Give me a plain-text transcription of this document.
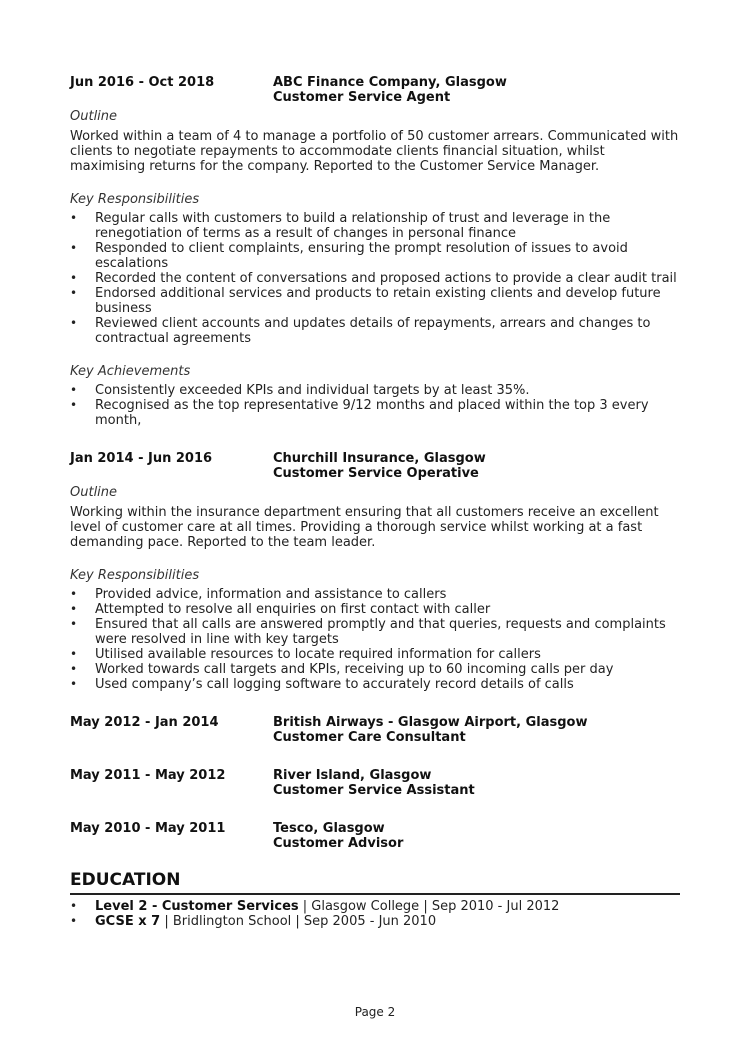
Jun 2016 - Oct 2018	ABC Finance Company, Glasgow
Customer Service Agent
Outline
Worked within a team of 4 to manage a portfolio of 50 customer arrears. Communicated with clients to negotiate repayments to accommodate clients financial situation, whilst maximising returns for the company. Reported to the Customer Service Manager.
Key Responsibilities
• Regular calls with customers to build a relationship of trust and leverage in the renegotiation of terms as a result of changes in personal finance
• Responded to client complaints, ensuring the prompt resolution of issues to avoid escalations
• Recorded the content of conversations and proposed actions to provide a clear audit trail
• Endorsed additional services and products to retain existing clients and develop future business
• Reviewed client accounts and updates details of repayments, arrears and changes to contractual agreements
Key Achievements
• Consistently exceeded KPIs and individual targets by at least 35%.
• Recognised as the top representative 9/12 months and placed within the top 3 every month,
Jan 2014 - Jun 2016	Churchill Insurance, Glasgow
Customer Service Operative
Outline
Working within the insurance department ensuring that all customers receive an excellent level of customer care at all times. Providing a thorough service whilst working at a fast demanding pace. Reported to the team leader.
Key Responsibilities
• Provided advice, information and assistance to callers
• Attempted to resolve all enquiries on first contact with caller
• Ensured that all calls are answered promptly and that queries, requests and complaints were resolved in line with key targets
• Utilised available resources to locate required information for callers
• Worked towards call targets and KPIs, receiving up to 60 incoming calls per day
• Used company’s call logging software to accurately record details of calls
May 2012 - Jan 2014	British Airways - Glasgow Airport, Glasgow
Customer Care Consultant
May 2011 - May 2012	River Island, Glasgow
Customer Service Assistant
May 2010 - May 2011	Tesco, Glasgow
Customer Advisor
EDUCATION
• Level 2 - Customer Services | Glasgow College | Sep 2010 - Jul 2012
• GCSE x 7 | Bridlington School | Sep 2005 - Jun 2010
Page 2
